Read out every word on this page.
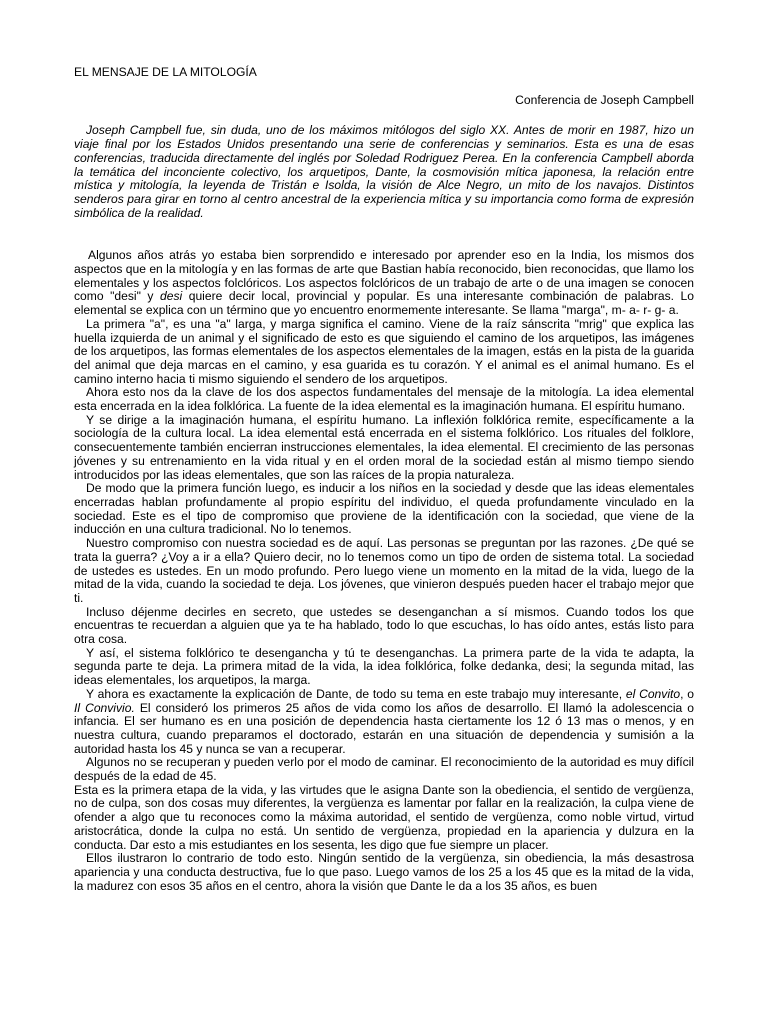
EL MENSAJE DE LA MITOLOGÍA
Conferencia de Joseph Campbell

Joseph Campbell fue, sin duda, uno de los máximos mitólogos del siglo XX. Antes de morir en 1987, hizo un viaje final por los Estados Unidos presentando una serie de conferencias y seminarios. Esta es una de esas conferencias, traducida directamente del inglés por Soledad Rodriguez Perea. En la conferencia Campbell aborda la temática del inconciente colectivo, los arquetipos, Dante, la cosmovisión mítica japonesa, la relación entre mística y mitología, la leyenda de Tristán e Isolda, la visión de Alce Negro, un mito de los navajos. Distintos senderos para girar en torno al centro ancestral de la experiencia mítica y su importancia como forma de expresión simbólica de la realidad.

Algunos años atrás yo estaba bien sorprendido e interesado por aprender eso en la India, los mismos dos aspectos que en la mitología y en las formas de arte que Bastian había reconocido, bien reconocidas, que llamo los elementales y los aspectos folclóricos. Los aspectos folclóricos de un trabajo de arte o de una imagen se conocen como "desi" y desi quiere decir local, provincial y popular. Es una interesante combinación de palabras. Lo elemental se explica con un término que yo encuentro enormemente interesante. Se llama "marga", m- a- r- g- a.

La primera "a", es una "a" larga, y marga significa el camino. Viene de la raíz sánscrita "mrig" que explica las huella izquierda de un animal y el significado de esto es que siguiendo el camino de los arquetipos, las imágenes de los arquetipos, las formas elementales de los aspectos elementales de la imagen, estás en la pista de la guarida del animal que deja marcas en el camino, y esa guarida es tu corazón. Y el animal es el animal humano. Es el camino interno hacia ti mismo siguiendo el sendero de los arquetipos.

Ahora esto nos da la clave de los dos aspectos fundamentales del mensaje de la mitología. La idea elemental esta encerrada en la idea folklórica. La fuente de la idea elemental es la imaginación humana. El espíritu humano.

Y se dirige a la imaginación humana, el espíritu humano. La inflexión folklórica remite, específicamente a la sociología de la cultura local. La idea elemental está encerrada en el sistema folklórico. Los rituales del folklore, consecuentemente también encierran instrucciones elementales, la idea elemental. El crecimiento de las personas jóvenes y su entrenamiento en la vida ritual y en el orden moral de la sociedad están al mismo tiempo siendo introducidos por las ideas elementales, que son las raíces de la propia naturaleza.

De modo que la primera función luego, es inducir a los niños en la sociedad y desde que las ideas elementales encerradas hablan profundamente al propio espíritu del individuo, el queda profundamente vinculado en la sociedad. Este es el tipo de compromiso que proviene de la identificación con la sociedad, que viene de la inducción en una cultura tradicional. No lo tenemos.

Nuestro compromiso con nuestra sociedad es de aquí. Las personas se preguntan por las razones. ¿De qué se trata la guerra? ¿Voy a ir a ella? Quiero decir, no lo tenemos como un tipo de orden de sistema total. La sociedad de ustedes es ustedes. En un modo profundo. Pero luego viene un momento en la mitad de la vida, luego de la mitad de la vida, cuando la sociedad te deja. Los jóvenes, que vinieron después pueden hacer el trabajo mejor que ti.

Incluso déjenme decirles en secreto, que ustedes se desenganchan a sí mismos. Cuando todos los que encuentras te recuerdan a alguien que ya te ha hablado, todo lo que escuchas, lo has oído antes, estás listo para otra cosa.

Y así, el sistema folklórico te desengancha y tú te desenganchas. La primera parte de la vida te adapta, la segunda parte te deja. La primera mitad de la vida, la idea folklórica, folke dedanka, desi; la segunda mitad, las ideas elementales, los arquetipos, la marga.

Y ahora es exactamente la explicación de Dante, de todo su tema en este trabajo muy interesante, el Convito, o Il Convivio. El consideró los primeros 25 años de vida como los años de desarrollo. El llamó la adolescencia o infancia. El ser humano es en una posición de dependencia hasta ciertamente los 12 ó 13 mas o menos, y en nuestra cultura, cuando preparamos el doctorado, estarán en una situación de dependencia y sumisión a la autoridad hasta los 45 y nunca se van a recuperar.

Algunos no se recuperan y pueden verlo por el modo de caminar. El reconocimiento de la autoridad es muy difícil después de la edad de 45.

Esta es la primera etapa de la vida, y las virtudes que le asigna Dante son la obediencia, el sentido de vergüenza, no de culpa, son dos cosas muy diferentes, la vergüenza es lamentar por fallar en la realización, la culpa viene de ofender a algo que tu reconoces como la máxima autoridad, el sentido de vergüenza, como noble virtud, virtud aristocrática, donde la culpa no está. Un sentido de vergüenza, propiedad en la apariencia y dulzura en la conducta. Dar esto a mis estudiantes en los sesenta, les digo que fue siempre un placer.

Ellos ilustraron lo contrario de todo esto. Ningún sentido de la vergüenza, sin obediencia, la más desastrosa apariencia y una conducta destructiva, fue lo que paso. Luego vamos de los 25 a los 45 que es la mitad de la vida, la madurez con esos 35 años en el centro, ahora la visión que Dante le da a los 35 años, es buen
